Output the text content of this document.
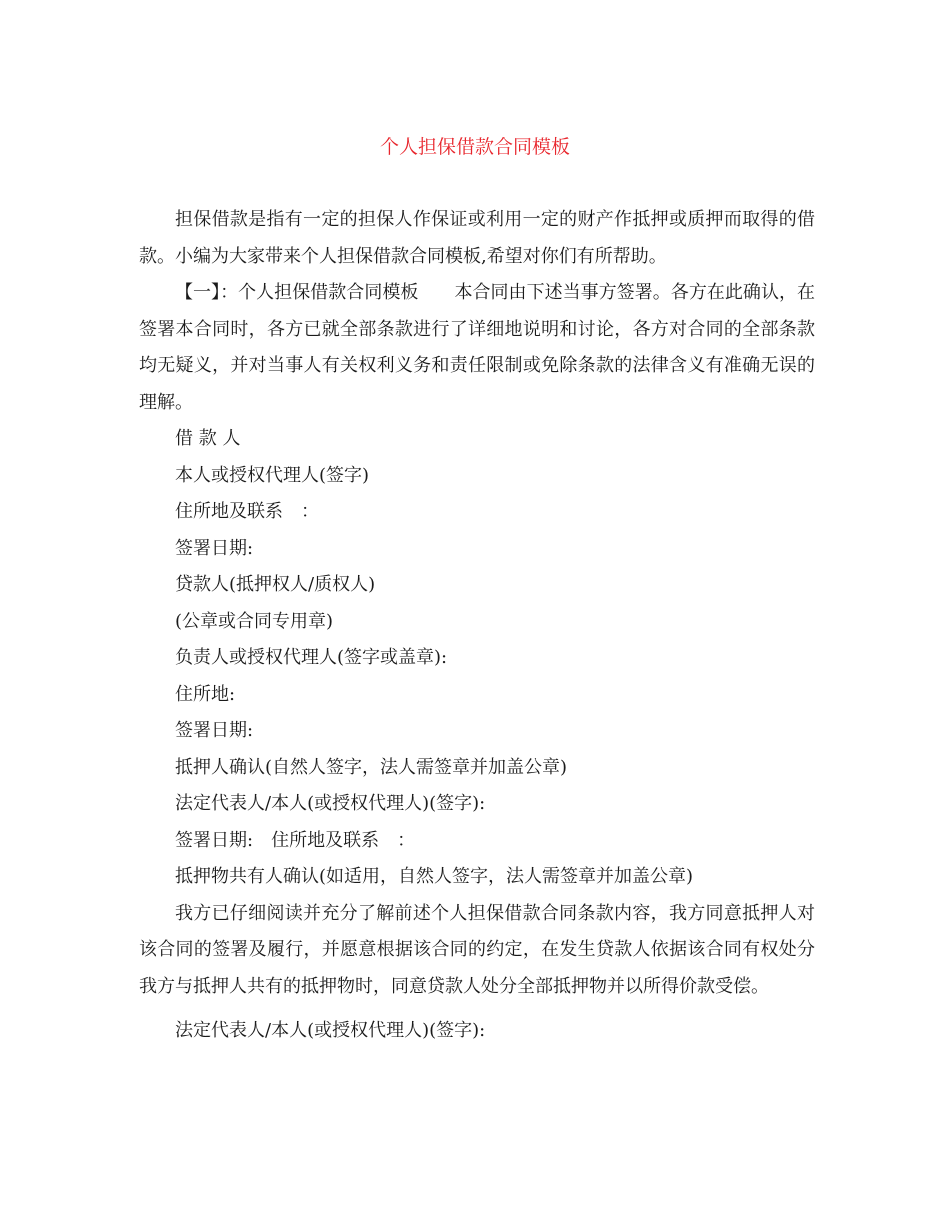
个人担保借款合同模板

担保借款是指有一定的担保人作保证或利用一定的财产作抵押或质押而取得的借款。小编为大家带来个人担保借款合同模板,希望对你们有所帮助。

【一】：个人担保借款合同模板　　本合同由下述当事方签署。各方在此确认，在签署本合同时，各方已就全部条款进行了详细地说明和讨论，各方对合同的全部条款均无疑义，并对当事人有关权利义务和责任限制或免除条款的法律含义有准确无误的理解。

借 款 人

本人或授权代理人(签字)

住所地及联系　：

签署日期:

贷款人(抵押权人/质权人)

(公章或合同专用章)

负责人或授权代理人(签字或盖章):

住所地:

签署日期:

抵押人确认(自然人签字，法人需签章并加盖公章)

法定代表人/本人(或授权代理人)(签字):

签署日期:　住所地及联系　：

抵押物共有人确认(如适用，自然人签字，法人需签章并加盖公章)

我方已仔细阅读并充分了解前述个人担保借款合同条款内容，我方同意抵押人对该合同的签署及履行，并愿意根据该合同的约定，在发生贷款人依据该合同有权处分我方与抵押人共有的抵押物时，同意贷款人处分全部抵押物并以所得价款受偿。

法定代表人/本人(或授权代理人)(签字):
